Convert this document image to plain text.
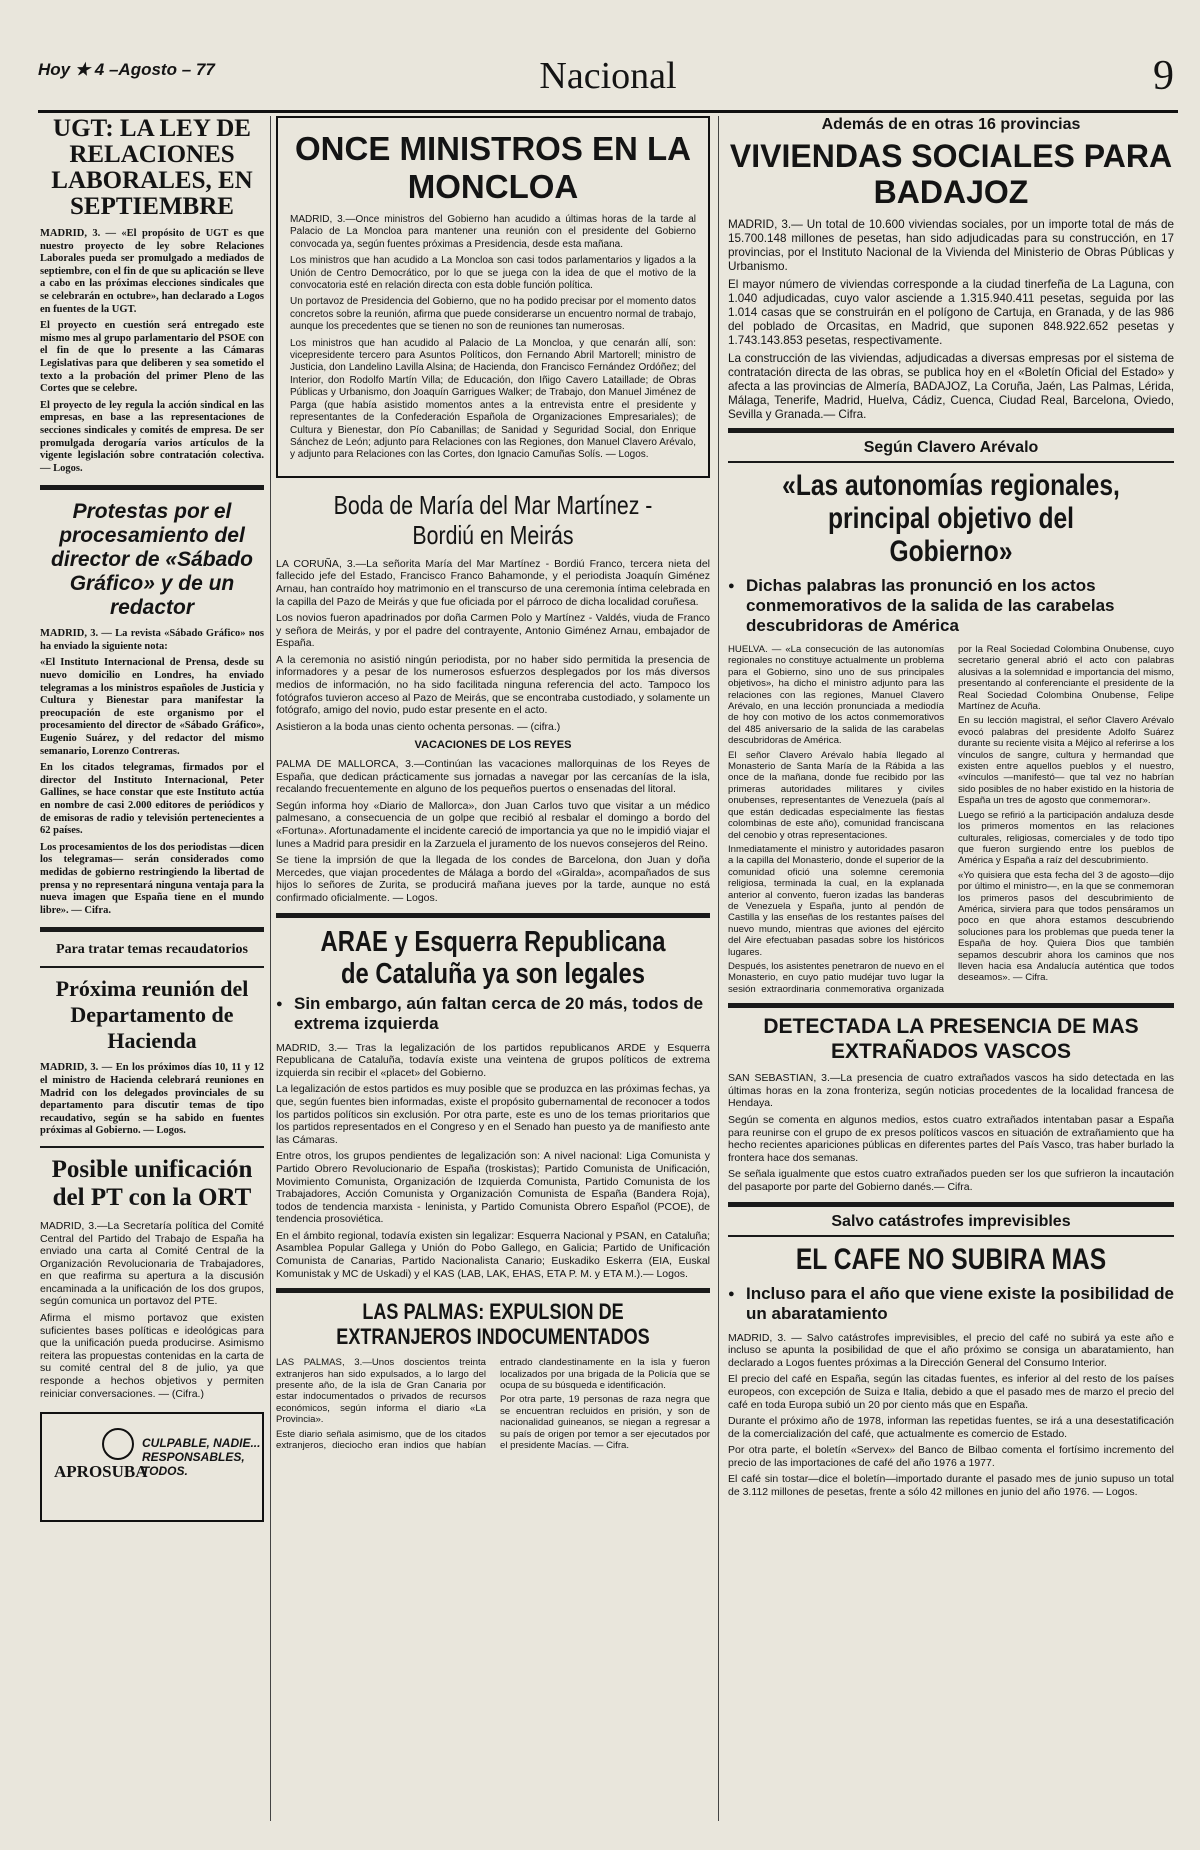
Hoy ★ 4 –Agosto – 77	Nacional	9
UGT: LA LEY DE RELACIONES LABORALES, EN SEPTIEMBRE

MADRID, 3. — «El propósito de UGT es que nuestro proyecto de ley sobre Relaciones Laborales pueda ser promulgado a mediados de septiembre, con el fin de que su aplicación se lleve a cabo en las próximas elecciones sindicales que se celebrarán en octubre», han declarado a Logos en fuentes de la UGT.

El proyecto en cuestión será entregado este mismo mes al grupo parlamentario del PSOE con el fin de que lo presente a las Cámaras Legislativas para que deliberen y sea sometido el texto a la probación del primer Pleno de las Cortes que se celebre.

El proyecto de ley regula la acción sindical en las empresas, en base a las representaciones de secciones sindicales y comités de empresa. De ser promulgada derogaría varios artículos de la vigente legislación sobre contratación colectiva. — Logos.

Protestas por el procesamiento del director de «Sábado Gráfico» y de un redactor

MADRID, 3. — La revista «Sábado Gráfico» nos ha enviado la siguiente nota:

«El Instituto Internacional de Prensa, desde su nuevo domicilio en Londres, ha enviado telegramas a los ministros españoles de Justicia y Cultura y Bienestar para manifestar la preocupación de este organismo por el procesamiento del director de «Sábado Gráfico», Eugenio Suárez, y del redactor del mismo semanario, Lorenzo Contreras.

En los citados telegramas, firmados por el director del Instituto Internacional, Peter Gallines, se hace constar que este Instituto actúa en nombre de casi 2.000 editores de periódicos y de emisoras de radio y televisión pertenecientes a 62 países.

Los procesamientos de los dos periodistas —dicen los telegramas— serán considerados como medidas de gobierno restringiendo la libertad de prensa y no representará ninguna ventaja para la nueva imagen que España tiene en el mundo libre». — Cifra.

Para tratar temas recaudatorios
Próxima reunión del Departamento de Hacienda

MADRID, 3. — En los próximos días 10, 11 y 12 el ministro de Hacienda celebrará reuniones en Madrid con los delegados provinciales de su departamento para discutir temas de tipo recaudativo, según se ha sabido en fuentes próximas al Gobierno. — Logos.

Posible unificación del PT con la ORT

MADRID, 3.—La Secretaría política del Comité Central del Partido del Trabajo de España ha enviado una carta al Comité Central de la Organización Revolucionaria de Trabajadores, en que reafirma su apertura a la discusión encaminada a la unificación de los dos grupos, según comunica un portavoz del PTE.

Afirma el mismo portavoz que existen suficientes bases políticas e ideológicas para que la unificación pueda producirse. Asimismo reitera las propuestas contenidas en la carta de su comité central del 8 de julio, ya que responde a hechos objetivos y permiten reiniciar conversaciones. — (Cifra.)

CULPABLE, NADIE...
RESPONSABLES,
TODOS.
APROSUBA
ONCE MINISTROS EN LA MONCLOA

MADRID, 3.—Once ministros del Gobierno han acudido a últimas horas de la tarde al Palacio de La Moncloa para mantener una reunión con el presidente del Gobierno convocada ya, según fuentes próximas a Presidencia, desde esta mañana.

Los ministros que han acudido a La Moncloa son casi todos parlamentarios y ligados a la Unión de Centro Democrático, por lo que se juega con la idea de que el motivo de la convocatoria esté en relación directa con esta doble función política.

Un portavoz de Presidencia del Gobierno, que no ha podido precisar por el momento datos concretos sobre la reunión, afirma que puede considerarse un encuentro normal de trabajo, aunque los precedentes que se tienen no son de reuniones tan numerosas.

Los ministros que han acudido al Palacio de La Moncloa, y que cenarán allí, son: vicepresidente tercero para Asuntos Políticos, don Fernando Abril Martorell; ministro de Justicia, don Landelino Lavilla Alsina; de Hacienda, don Francisco Fernández Ordóñez; del Interior, don Rodolfo Martín Villa; de Educación, don Iñigo Cavero Lataillade; de Obras Públicas y Urbanismo, don Joaquín Garrigues Walker; de Trabajo, don Manuel Jiménez de Parga (que había asistido momentos antes a la entrevista entre el presidente y representantes de la Confederación Española de Organizaciones Empresariales); de Cultura y Bienestar, don Pío Cabanillas; de Sanidad y Seguridad Social, don Enrique Sánchez de León; adjunto para Relaciones con las Regiones, don Manuel Clavero Arévalo, y adjunto para Relaciones con las Cortes, don Ignacio Camuñas Solís. — Logos.

Boda de María del Mar Martínez - Bordiú en Meirás

LA CORUÑA, 3.—La señorita María del Mar Martínez - Bordiú Franco, tercera nieta del fallecido jefe del Estado, Francisco Franco Bahamonde, y el periodista Joaquín Giménez Arnau, han contraído hoy matrimonio en el transcurso de una ceremonia íntima celebrada en la capilla del Pazo de Meirás y que fue oficiada por el párroco de dicha localidad coruñesa.

Los novios fueron apadrinados por doña Carmen Polo y Martínez - Valdés, viuda de Franco y señora de Meirás, y por el padre del contrayente, Antonio Giménez Arnau, embajador de España.

A la ceremonia no asistió ningún periodista, por no haber sido permitida la presencia de informadores y a pesar de los numerosos esfuerzos desplegados por los más diversos medios de información, no ha sido facilitada ninguna referencia del acto. Tampoco los fotógrafos tuvieron acceso al Pazo de Meirás, que se encontraba custodiado, y solamente un fotógrafo, amigo del novio, pudo estar presente en el acto.

Asistieron a la boda unas ciento ochenta personas. — (cifra.)

VACACIONES DE LOS REYES

PALMA DE MALLORCA, 3.—Continúan las vacaciones mallorquinas de los Reyes de España, que dedican prácticamente sus jornadas a navegar por las cercanías de la isla, recalando frecuentemente en alguno de los pequeños puertos o ensenadas del litoral.

Según informa hoy «Diario de Mallorca», don Juan Carlos tuvo que visitar a un médico palmesano, a consecuencia de un golpe que recibió al resbalar el domingo a bordo del «Fortuna». Afortunadamente el incidente careció de importancia ya que no le impidió viajar el lunes a Madrid para presidir en la Zarzuela el juramento de los nuevos consejeros del Reino.

Se tiene la imprsión de que la llegada de los condes de Barcelona, don Juan y doña Mercedes, que viajan procedentes de Málaga a bordo del «Giralda», acompañados de sus hijos lo señores de Zurita, se producirá mañana jueves por la tarde, aunque no está confirmado oficialmente. — Logos.

ARAE y Esquerra Republicana de Cataluña ya son legales
● Sin embargo, aún faltan cerca de 20 más, todos de extrema izquierda

MADRID, 3.— Tras la legalización de los partidos republicanos ARDE y Esquerra Republicana de Cataluña, todavía existe una veintena de grupos políticos de extrema izquierda sin recibir el «placet» del Gobierno.

La legalización de estos partidos es muy posible que se produzca en las próximas fechas, ya que, según fuentes bien informadas, existe el propósito gubernamental de reconocer a todos los partidos políticos sin exclusión. Por otra parte, este es uno de los temas prioritarios que los partidos representados en el Congreso y en el Senado han puesto ya de manifiesto ante las Cámaras.

Entre otros, los grupos pendientes de legalización son: A nivel nacional: Liga Comunista y Partido Obrero Revolucionario de España (troskistas); Partido Comunista de Unificación, Movimiento Comunista, Organización de Izquierda Comunista, Partido Comunista de los Trabajadores, Acción Comunista y Organización Comunista de España (Bandera Roja), todos de tendencia marxista - leninista, y Partido Comunista Obrero Español (PCOE), de tendencia prosoviética.

En el ámbito regional, todavía existen sin legalizar: Esquerra Nacional y PSAN, en Cataluña; Asamblea Popular Gallega y Unión do Pobo Gallego, en Galicia; Partido de Unificación Comunista de Canarias, Partido Nacionalista Canario; Euskadiko Eskerra (EIA, Euskal Komunistak y MC de Uskadi) y el KAS (LAB, LAK, EHAS, ETA P. M. y ETA M.).— Logos.

LAS PALMAS: EXPULSION DE EXTRANJEROS INDOCUMENTADOS

LAS PALMAS, 3.—Unos doscientos treinta extranjeros han sido expulsados, a lo largo del presente año, de la isla de Gran Canaria por estar indocumentados o privados de recursos económicos, según informa el diario «La Provincia».

Este diario señala asimismo, que de los citados extranjeros, dieciocho eran indios que habían entrado clandestinamente en la isla y fueron localizados por una brigada de la Policía que se ocupa de su búsqueda e identificación.

Por otra parte, 19 personas de raza negra que se encuentran recluidos en prisión, y son de nacionalidad guineanos, se niegan a regresar a su país de origen por temor a ser ejecutados por el presidente Macías. — Cifra.

Además de en otras 16 provincias
VIVIENDAS SOCIALES PARA BADAJOZ

MADRID, 3.— Un total de 10.600 viviendas sociales, por un importe total de más de 15.700.148 millones de pesetas, han sido adjudicadas para su construcción, en 17 provincias, por el Instituto Nacional de la Vivienda del Ministerio de Obras Públicas y Urbanismo.

El mayor número de viviendas corresponde a la ciudad tinerfeña de La Laguna, con 1.040 adjudicadas, cuyo valor asciende a 1.315.940.411 pesetas, seguida por las 1.014 casas que se construirán en el polígono de Cartuja, en Granada, y de las 986 del poblado de Orcasitas, en Madrid, que suponen 848.922.652 pesetas y 1.743.143.853 pesetas, respectivamente.

La construcción de las viviendas, adjudicadas a diversas empresas por el sistema de contratación directa de las obras, se publica hoy en el «Boletín Oficial del Estado» y afecta a las provincias de Almería, BADAJOZ, La Coruña, Jaén, Las Palmas, Lérida, Málaga, Tenerife, Madrid, Huelva, Cádiz, Cuenca, Ciudad Real, Barcelona, Oviedo, Sevilla y Granada.— Cifra.

Según Clavero Arévalo
«Las autonomías regionales, principal objetivo del Gobierno»
● Dichas palabras las pronunció en los actos conmemorativos de la salida de las carabelas descubridoras de América

HUELVA. — «La consecución de las autonomías regionales no constituye actualmente un problema para el Gobierno, sino uno de sus principales objetivos», ha dicho el ministro adjunto para las relaciones con las regiones, Manuel Clavero Arévalo, en una lección pronunciada a mediodía de hoy con motivo de los actos conmemorativos del 485 aniversario de la salida de las carabelas descubridoras de América.

El señor Clavero Arévalo había llegado al Monasterio de Santa María de la Rábida a las once de la mañana, donde fue recibido por las primeras autoridades militares y civiles onubenses, representantes de Venezuela (país al que están dedicadas especialmente las fiestas colombinas de este año), comunidad franciscana del cenobio y otras representaciones.

Inmediatamente el ministro y autoridades pasaron a la capilla del Monasterio, donde el superior de la comunidad ofició una solemne ceremonia religiosa, terminada la cual, en la explanada anterior al convento, fueron izadas las banderas de Venezuela y España, junto al pendón de Castilla y las enseñas de los restantes países del nuevo mundo, mientras que aviones del ejército del Aire efectuaban pasadas sobre los históricos lugares.

Después, los asistentes penetraron de nuevo en el Monasterio, en cuyo patio mudéjar tuvo lugar la sesión extraordinaria conmemorativa organizada por la Real Sociedad Colombina Onubense, cuyo secretario general abrió el acto con palabras alusivas a la solemnidad e importancia del mismo, presentando al conferenciante el presidente de la Real Sociedad Colombina Onubense, Felipe Martínez de Acuña.

En su lección magistral, el señor Clavero Arévalo evocó palabras del presidente Adolfo Suárez durante su reciente visita a Méjico al referirse a los vínculos de sangre, cultura y hermandad que existen entre aquellos pueblos y el nuestro, «vínculos —manifestó— que tal vez no habrían sido posibles de no haber existido en la historia de España un tres de agosto que conmemorar».

Luego se refirió a la participación andaluza desde los primeros momentos en las relaciones culturales, religiosas, comerciales y de todo tipo que fueron surgiendo entre los pueblos de América y España a raíz del descubrimiento.

«Yo quisiera que esta fecha del 3 de agosto—dijo por último el ministro—, en la que se conmemoran los primeros pasos del descubrimiento de América, sirviera para que todos pensáramos un poco en que ahora estamos descubriendo soluciones para los problemas que pueda tener la España de hoy. Quiera Dios que también sepamos descubrir ahora los caminos que nos lleven hacia esa Andalucía auténtica que todos deseamos». — Cifra.

DETECTADA LA PRESENCIA DE MAS EXTRAÑADOS VASCOS

SAN SEBASTIAN, 3.—La presencia de cuatro extrañados vascos ha sido detectada en las últimas horas en la zona fronteriza, según noticias procedentes de la localidad francesa de Hendaya.

Según se comenta en algunos medios, estos cuatro extrañados intentaban pasar a España para reunirse con el grupo de ex presos políticos vascos en situación de extrañamiento que ha hecho recientes apariciones públicas en diferentes partes del País Vasco, tras haber burlado la frontera hace dos semanas.

Se señala igualmente que estos cuatro extrañados pueden ser los que sufrieron la incautación del pasaporte por parte del Gobierno danés.— Cifra.

Salvo catástrofes imprevisibles
EL CAFE NO SUBIRA MAS
● Incluso para el año que viene existe la posibilidad de un abaratamiento

MADRID, 3. — Salvo catástrofes imprevisibles, el precio del café no subirá ya este año e incluso se apunta la posibilidad de que el año próximo se consiga un abaratamiento, han declarado a Logos fuentes próximas a la Dirección General del Consumo Interior.

El precio del café en España, según las citadas fuentes, es inferior al del resto de los países europeos, con excepción de Suiza e Italia, debido a que el pasado mes de marzo el precio del café en toda Europa subió un 20 por ciento más que en España.

Durante el próximo año de 1978, informan las repetidas fuentes, se irá a una desestatificación de la comercialización del café, que actualmente es comercio de Estado.

Por otra parte, el boletín «Servex» del Banco de Bilbao comenta el fortísimo incremento del precio de las importaciones de café del año 1976 a 1977.

El café sin tostar—dice el boletín—importado durante el pasado mes de junio supuso un total de 3.112 millones de pesetas, frente a sólo 42 millones en junio del año 1976. — Logos.
